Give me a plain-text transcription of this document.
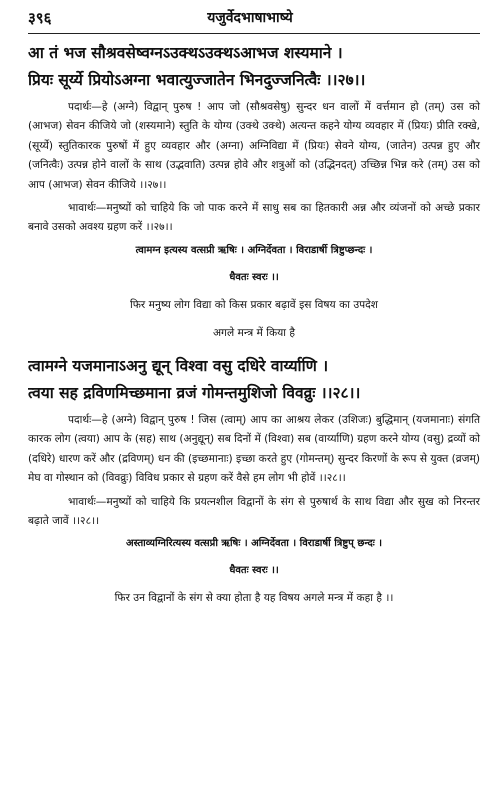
३९६	यजुर्वेदभाषाभाष्ये

आ तं भज सौश्रवसेष्वग्नऽउक्थऽउक्थऽआभज शस्यमाने ।

प्रियः सूर्य्ये प्रियोऽअग्ना भवात्युज्जातेन भिनदुज्जनित्वैः ।।२७।।

पदार्थः—हे (अग्ने) विद्वान् पुरुष ! आप जो (सौश्रवसेषु) सुन्दर धन वालों में वर्त्तमान हो (तम्) उस को (आभज) सेवन कीजिये जो (शस्यमाने) स्तुति के योग्य (उक्थे उक्थे) अत्यन्त कहने योग्य व्यवहार में (प्रियः) प्रीति रक्खे, (सूर्य्ये) स्तुतिकारक पुरुषों में हुए व्यवहार और (अग्ना) अग्निविद्या में (प्रियः) सेवने योग्य, (जातेन) उत्पन्न हुए और (जनित्वैः) उत्पन्न होने वालों के साथ (उद्भवाति) उत्पन्न होवे और शत्रुओं को (उद्भिनदत्) उच्छिन्न भिन्न करे (तम्) उस को आप (आभज) सेवन कीजिये ।।२७।।

भावार्थः—मनुष्यों को चाहिये कि जो पाक करने में साधु सब का हितकारी अन्न और व्यंजनों को अच्छे प्रकार बनावे उसको अवश्य ग्रहण करें ।।२७।।

त्वामग्न इत्यस्य वत्सप्री ऋषिः । अग्निर्देवता । विराडार्षी त्रिष्टुप्छन्दः ।

धैवतः स्वरः ।।

फिर मनुष्य लोग विद्या को किस प्रकार बढ़ावें इस विषय का उपदेश

अगले मन्त्र में किया है

त्वामग्ने यजमानाऽअनु द्यून् विश्वा वसु दधिरे वार्य्याणि ।

त्वया सह द्रविणमिच्छमाना व्रजं गोमन्तमुशिजो विवव्रुः ।।२८।।

पदार्थः—हे (अग्ने) विद्वान् पुरुष ! जिस (त्वाम्) आप का आश्रय लेकर (उशिजः) बुद्धिमान् (यजमानाः) संगति कारक लोग (त्वया) आप के (सह) साथ (अनुद्यून्) सब दिनों में (विश्वा) सब (वार्य्याणि) ग्रहण करने योग्य (वसु) द्रव्यों को (दधिरे) धारण करें और (द्रविणम्) धन की (इच्छमानाः) इच्छा करते हुए (गोमन्तम्) सुन्दर किरणों के रूप से युक्त (व्रजम्) मेघ वा गोस्थान को (विवव्रुः) विविध प्रकार से ग्रहण करें वैसे हम लोग भी होवें ।।२८।।

भावार्थः—मनुष्यों को चाहिये कि प्रयत्नशील विद्वानों के संग से पुरुषार्थ के साथ विद्या और सुख को निरन्तर बढ़ाते जावें ।।२८।।

अस्ताव्यग्निरित्यस्य वत्सप्री ऋषिः । अग्निर्देवता । विराडार्षी त्रिष्टुप् छन्दः ।

धैवतः स्वरः ।।

फिर उन विद्वानों के संग से क्या होता है यह विषय अगले मन्त्र में कहा है ।।
